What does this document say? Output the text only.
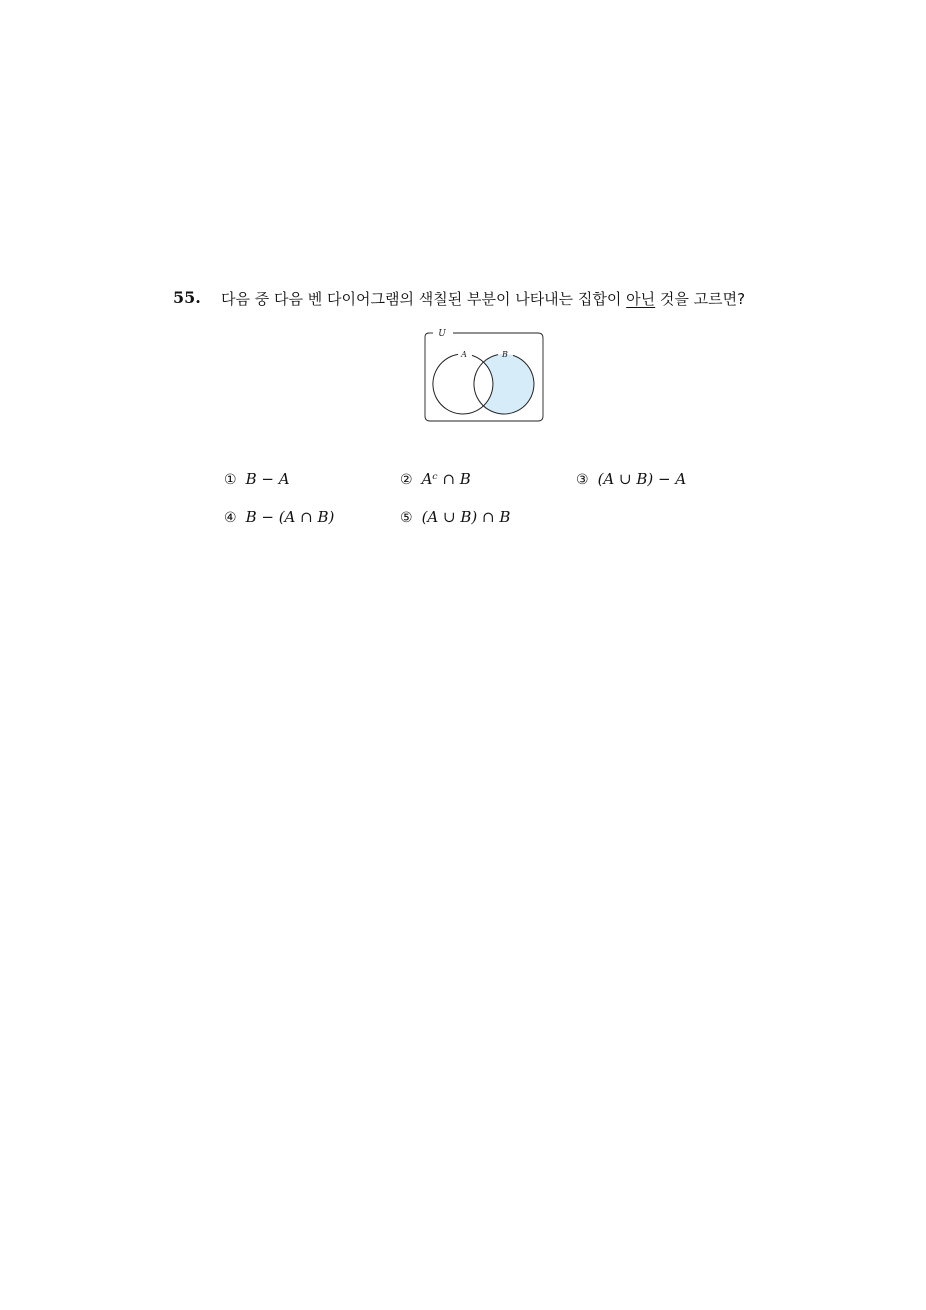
55. 다음 중 다음 벤 다이어그램의 색칠된 부분이 나타내는 집합이 아닌 것을 고르면?
U
A	B
① B − A	② Aᶜ ∩ B	③ (A ∪ B) − A
④ B − (A ∩ B)	⑤ (A ∪ B) ∩ B
